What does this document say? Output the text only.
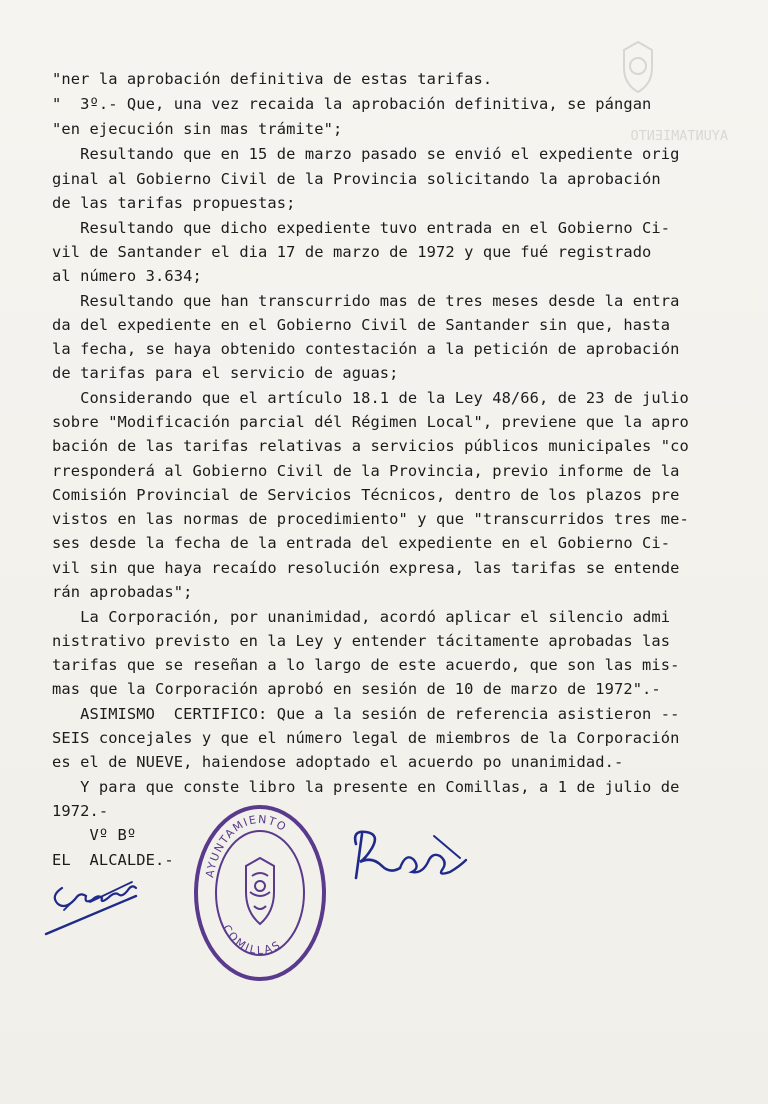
AYUNTAMIENTO
"ner la aprobación definitiva de estas tarifas.
"  3º.- Que, una vez recaida la aprobación definitiva, se pángan
"en ejecución sin mas trámite";
Resultando que en 15 de marzo pasado se envió el expediente orig
ginal al Gobierno Civil de la Provincia solicitando la aprobación
de las tarifas propuestas;
Resultando que dicho expediente tuvo entrada en el Gobierno Ci-
vil de Santander el dia 17 de marzo de 1972 y que fué registrado
al número 3.634;
Resultando que han transcurrido mas de tres meses desde la entra
da del expediente en el Gobierno Civil de Santander sin que, hasta
la fecha, se haya obtenido contestación a la petición de aprobación
de tarifas para el servicio de aguas;
Considerando que el artículo 18.1 de la Ley 48/66, de 23 de julio
sobre "Modificación parcial dél Régimen Local", previene que la apro
bación de las tarifas relativas a servicios públicos municipales "co
rresponderá al Gobierno Civil de la Provincia, previo informe de la
Comisión Provincial de Servicios Técnicos, dentro de los plazos pre
vistos en las normas de procedimiento" y que "transcurridos tres me-
ses desde la fecha de la entrada del expediente en el Gobierno Ci-
vil sin que haya recaído resolución expresa, las tarifas se entende
rán aprobadas";
La Corporación, por unanimidad, acordó aplicar el silencio admi
nistrativo previsto en la Ley y entender tácitamente aprobadas las
tarifas que se reseñan a lo largo de este acuerdo, que son las mis-
mas que la Corporación aprobó en sesión de 10 de marzo de 1972".-
ASIMISMO  CERTIFICO: Que a la sesión de referencia asistieron --
SEIS concejales y que el número legal de miembros de la Corporación
es el de NUEVE, haiendose adoptado el acuerdo po unanimidad.-
Y para que conste libro la presente en Comillas, a 1 de julio de
1972.-
Vº Bº
EL  ALCALDE.-
AYUNTAMIENTO
COMILLAS
